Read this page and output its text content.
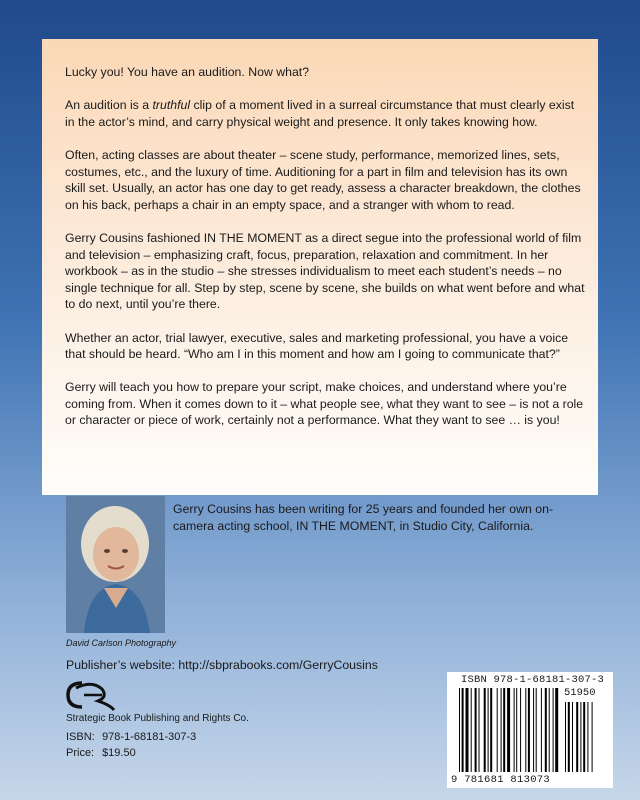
Lucky you! You have an audition. Now what?

An audition is a truthful clip of a moment lived in a surreal circumstance that must clearly exist in the actor’s mind, and carry physical weight and presence. It only takes knowing how.

Often, acting classes are about theater – scene study, performance, memorized lines, sets, costumes, etc., and the luxury of time. Auditioning for a part in film and television has its own skill set. Usually, an actor has one day to get ready, assess a character breakdown, the clothes on his back, perhaps a chair in an empty space, and a stranger with whom to read.

Gerry Cousins fashioned IN THE MOMENT as a direct segue into the professional world of film and television – emphasizing craft, focus, preparation, relaxation and commitment. In her workbook – as in the studio – she stresses individualism to meet each student’s needs – no single technique for all. Step by step, scene by scene, she builds on what went before and what to do next, until you’re there.

Whether an actor, trial lawyer, executive, sales and marketing professional, you have a voice that should be heard. “Who am I in this moment and how am I going to communicate that?”

Gerry will teach you how to prepare your script, make choices, and understand where you’re coming from. When it comes down to it – what people see, what they want to see – is not a role or character or piece of work, certainly not a performance. What they want to see … is you!

David Carlson Photography
Gerry Cousins has been writing for 25 years and founded her own on-camera acting school, IN THE MOMENT, in Studio City, California.
Publisher’s website: http://sbprabooks.com/GerryCousins
Strategic Book Publishing and Rights Co.
ISBN: 978-1-68181-307-3
Price: $19.50
ISBN 978-1-68181-307-3
51950
9 781681 813073
